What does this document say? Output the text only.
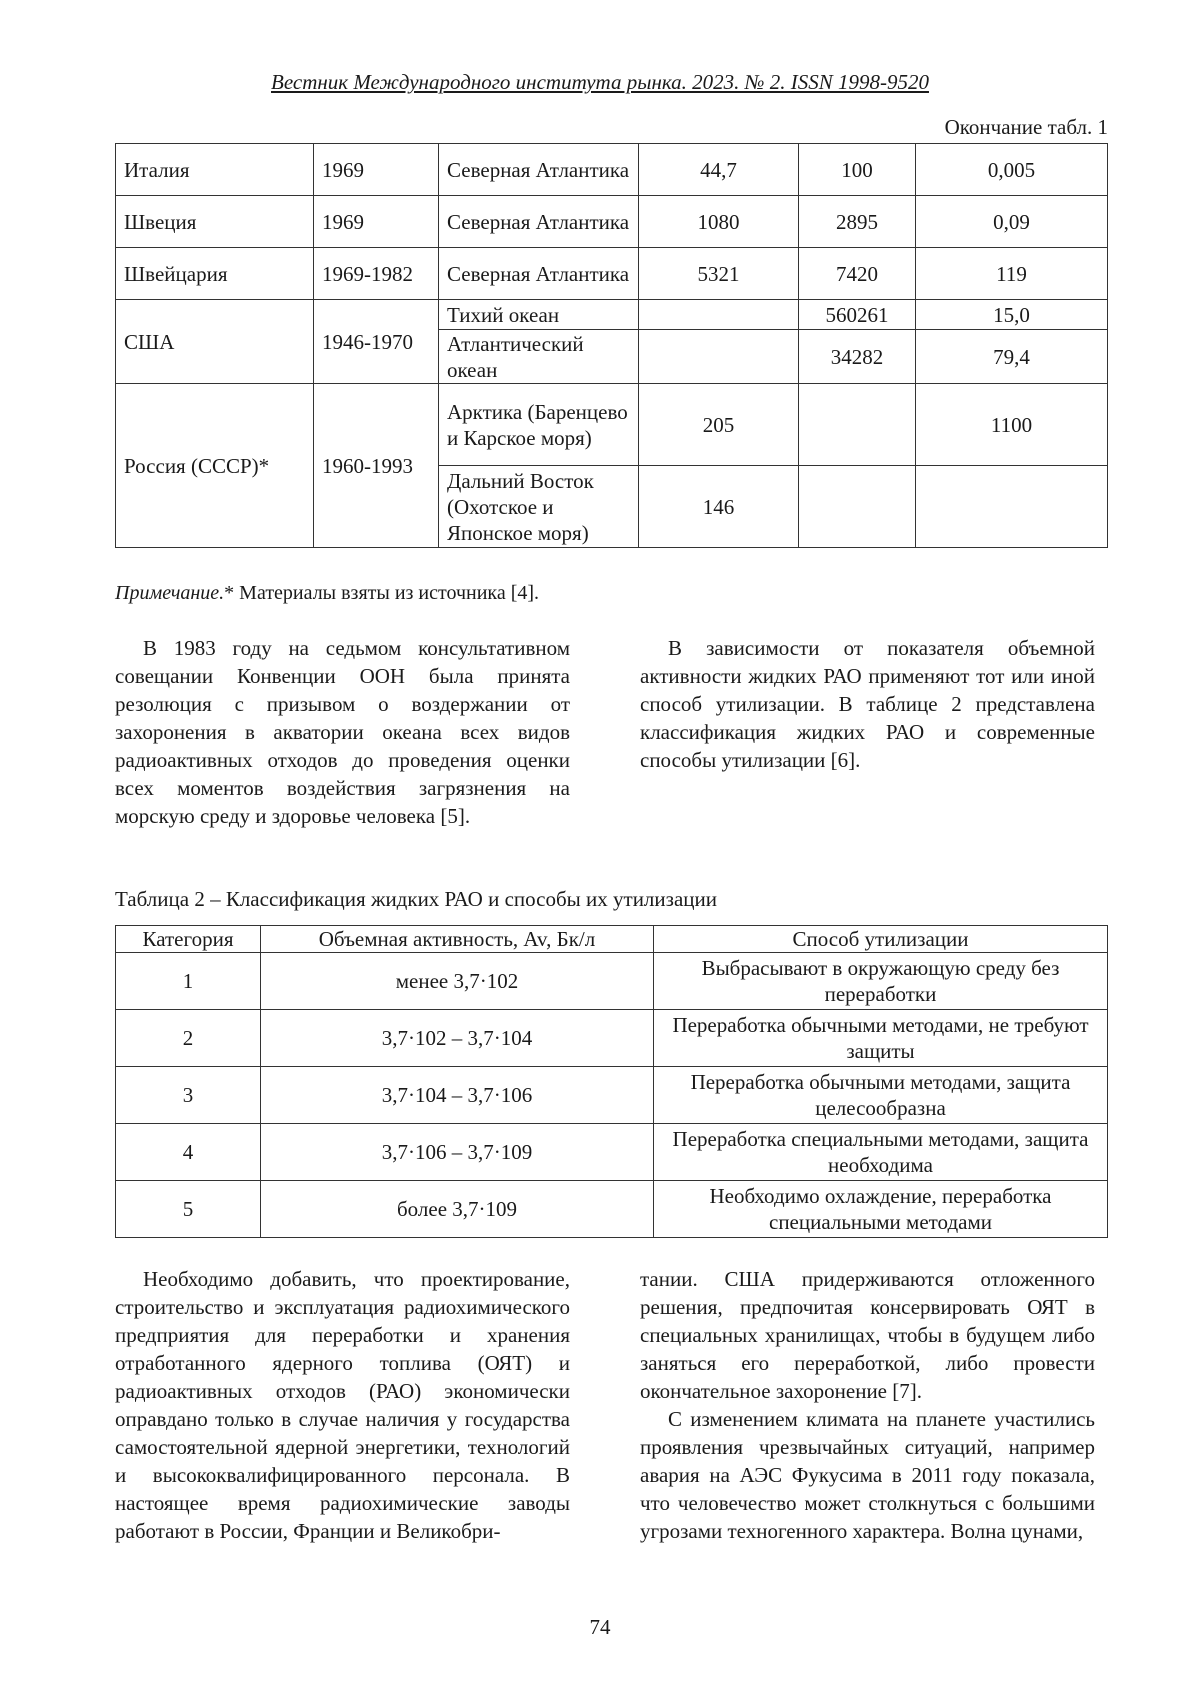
Вестник Международного института рынка. 2023. № 2. ISSN 1998-9520
Окончание табл. 1
Италия	1969	Северная Атлантика	44,7	100	0,005
Швеция	1969	Северная Атлантика	1080	2895	0,09
Швейцария	1969-1982	Северная Атлантика	5321	7420	119
США	1946-1970	Тихий океан		560261	15,0
		Атлантический океан		34282	79,4
Россия (СССР)*	1960-1993	Арктика (Баренцево и Карское моря)	205		1100
		Дальний Восток (Охотское и Японское моря)	146		
Примечание.* Материалы взяты из источника [4].

В 1983 году на седьмом консультативном совещании Конвенции ООН была принята резолюция с призывом о воздержании от захоронения в акватории океана всех видов радиоактивных отходов до проведения оценки всех моментов воздействия загрязнения на морскую среду и здоровье человека [5].

В зависимости от показателя объемной активности жидких РАО применяют тот или иной способ утилизации. В таблице 2 представлена классификация жидких РАО и современные способы утилизации [6].

Таблица 2 – Классификация жидких РАО и способы их утилизации
Категория	Объемная активность, Av, Бк/л	Способ утилизации
1	менее 3,7·102	Выбрасывают в окружающую среду без переработки
2	3,7·102 – 3,7·104	Переработка обычными методами, не требуют защиты
3	3,7·104 – 3,7·106	Переработка обычными методами, защита целесообразна
4	3,7·106 – 3,7·109	Переработка специальными методами, защита необходима
5	более 3,7·109	Необходимо охлаждение, переработка специальными методами

Необходимо добавить, что проектирование, строительство и эксплуатация радиохимического предприятия для переработки и хранения отработанного ядерного топлива (ОЯТ) и радиоактивных отходов (РАО) экономически оправдано только в случае наличия у государства самостоятельной ядерной энергетики, технологий и высококвалифицированного персонала. В настоящее время радиохимические заводы работают в России, Франции и Великобри-

тании. США придерживаются отложенного решения, предпочитая консервировать ОЯТ в специальных хранилищах, чтобы в будущем либо заняться его переработкой, либо провести окончательное захоронение [7].

С изменением климата на планете участились проявления чрезвычайных ситуаций, например авария на АЭС Фукусима в 2011 году показала, что человечество может столкнуться с большими угрозами техногенного характера. Волна цунами,

74
